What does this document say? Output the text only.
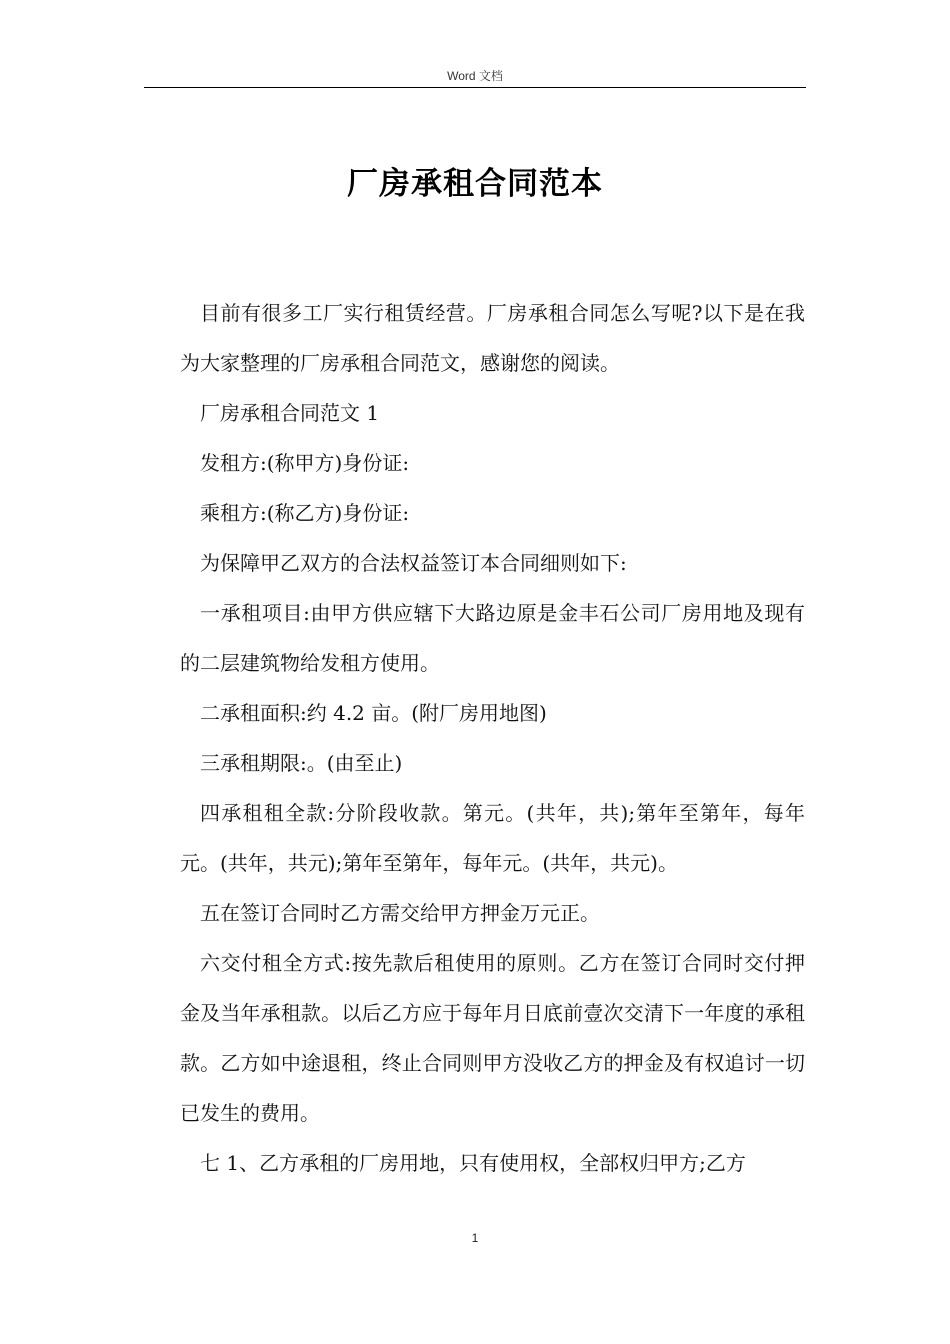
Word 文档
厂房承租合同范本

目前有很多工厂实行租赁经营。厂房承租合同怎么写呢?以下是在我为大家整理的厂房承租合同范文，感谢您的阅读。

厂房承租合同范文 1

发租方:(称甲方)身份证:

乘租方:(称乙方)身份证:

为保障甲乙双方的合法权益签订本合同细则如下:

一承租项目:由甲方供应辖下大路边原是金丰石公司厂房用地及现有的二层建筑物给发租方使用。

二承租面积:约 4.2 亩。(附厂房用地图)

三承租期限:。(由至止)

四承租租全款:分阶段收款。第元。(共年，共);第年至第年，每年元。(共年，共元);第年至第年，每年元。(共年，共元)。

五在签订合同时乙方需交给甲方押金万元正。

六交付租全方式:按先款后租使用的原则。乙方在签订合同时交付押金及当年承租款。以后乙方应于每年月日底前壹次交清下一年度的承租款。乙方如中途退租，终止合同则甲方没收乙方的押金及有权追讨一切已发生的费用。

七 1、乙方承租的厂房用地，只有使用权，全部权归甲方;乙方

1
